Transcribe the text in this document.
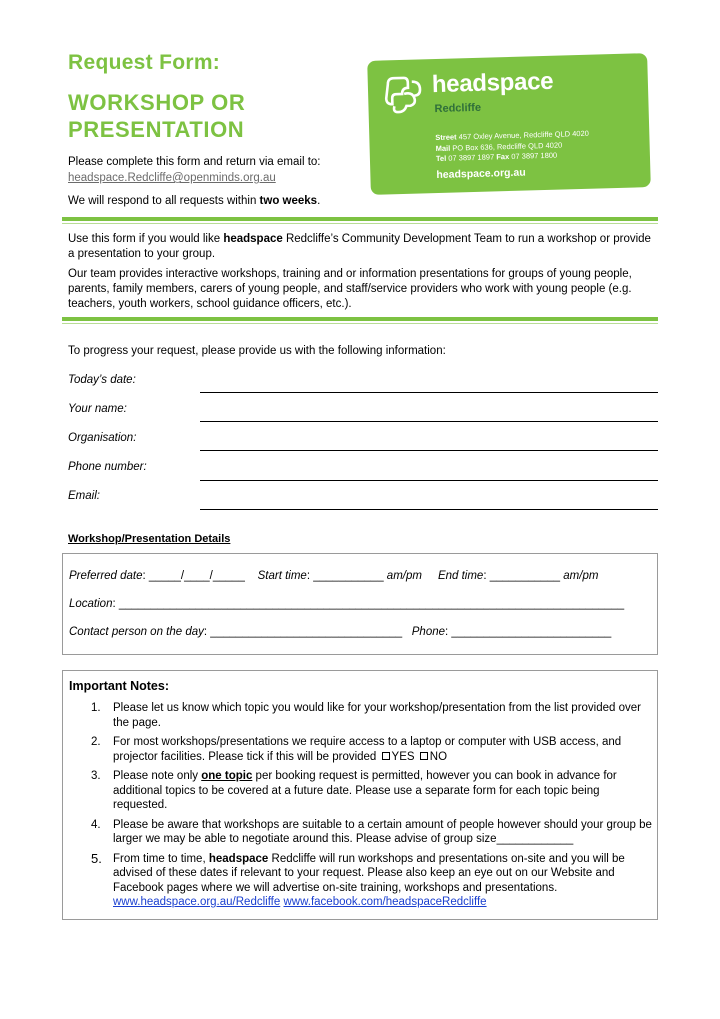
Request Form:
WORKSHOP OR
PRESENTATION
Please complete this form and return via email to:
headspace.Redcliffe@openminds.org.au
We will respond to all requests within two weeks.
headspace
Redcliffe
Street 457 Oxley Avenue, Redcliffe QLD 4020
Mail PO Box 636, Redcliffe QLD 4020
Tel 07 3897 1897 Fax 07 3897 1800
headspace.org.au

Use this form if you would like headspace Redcliffe’s Community Development Team to run a workshop or provide a presentation to your group.

Our team provides interactive workshops, training and or information presentations for groups of young people, parents, family members, carers of young people, and staff/service providers who work with young people (e.g. teachers, youth workers, school guidance officers, etc.).

To progress your request, please provide us with the following information:
Today’s date:
Your name:
Organisation:
Phone number:
Email:
Workshop/Presentation Details
Preferred date: _____/____/_____ Start time: ___________ am/pm End time: ___________ am/pm
Location: _______________________________________________________________________________
Contact person on the day: ______________________________ Phone: _________________________
Important Notes:
1. Please let us know which topic you would like for your workshop/presentation from the list provided over the page.
2. For most workshops/presentations we require access to a laptop or computer with USB access, and projector facilities. Please tick if this will be provided YES NO
3. Please note only one topic per booking request is permitted, however you can book in advance for additional topics to be covered at a future date. Please use a separate form for each topic being requested.
4. Please be aware that workshops are suitable to a certain amount of people however should your group be larger we may be able to negotiate around this. Please advise of group size____________
5. From time to time, headspace Redcliffe will run workshops and presentations on-site and you will be advised of these dates if relevant to your request. Please also keep an eye out on our Website and Facebook pages where we will advertise on-site training, workshops and presentations.
www.headspace.org.au/Redcliffe www.facebook.com/headspaceRedcliffe
